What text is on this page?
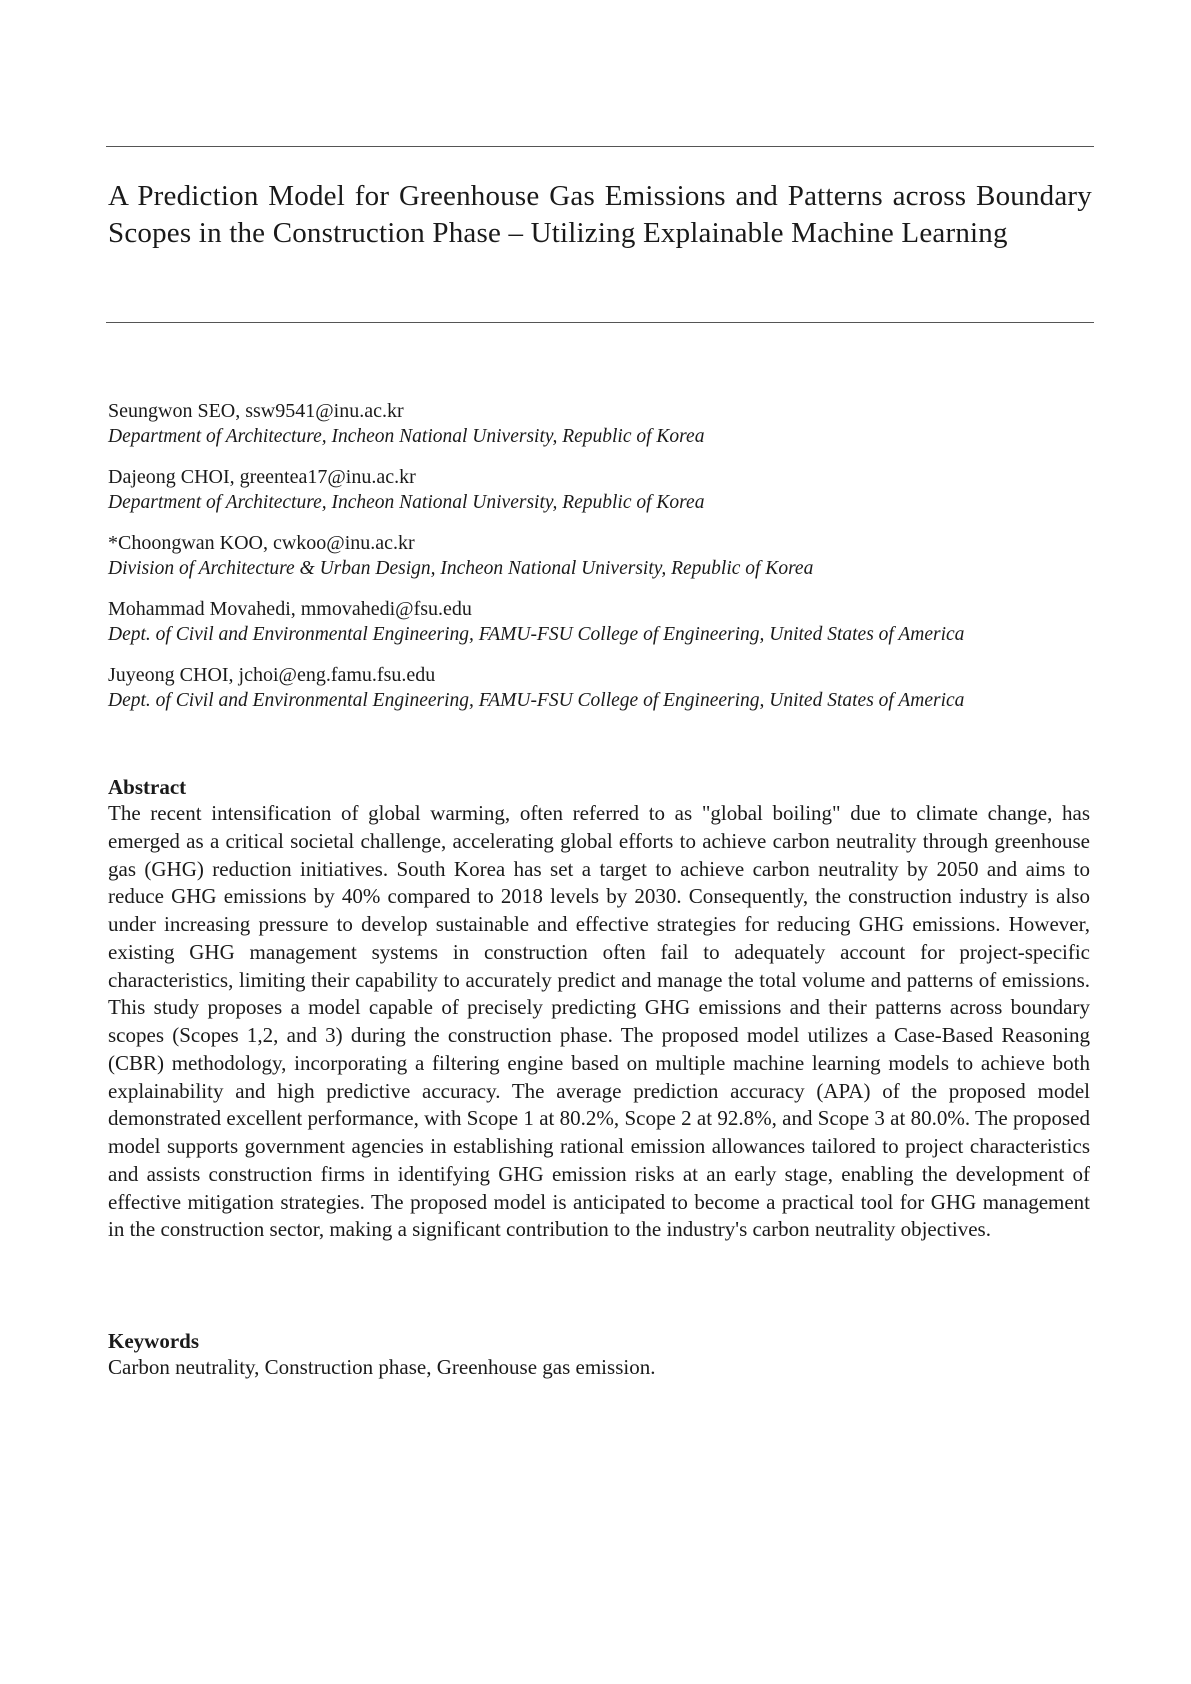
A Prediction Model for Greenhouse Gas Emissions and Patterns across Boundary Scopes in the Construction Phase – Utilizing Explainable Machine Learning
Seungwon SEO, ssw9541@inu.ac.kr
Department of Architecture, Incheon National University, Republic of Korea
Dajeong CHOI, greentea17@inu.ac.kr
Department of Architecture, Incheon National University, Republic of Korea
*Choongwan KOO, cwkoo@inu.ac.kr
Division of Architecture & Urban Design, Incheon National University, Republic of Korea
Mohammad Movahedi, mmovahedi@fsu.edu
Dept. of Civil and Environmental Engineering, FAMU-FSU College of Engineering, United States of America
Juyeong CHOI, jchoi@eng.famu.fsu.edu
Dept. of Civil and Environmental Engineering, FAMU-FSU College of Engineering, United States of America
Abstract

The recent intensification of global warming, often referred to as "global boiling" due to climate change, has emerged as a critical societal challenge, accelerating global efforts to achieve carbon neutrality through greenhouse gas (GHG) reduction initiatives. South Korea has set a target to achieve carbon neutrality by 2050 and aims to reduce GHG emissions by 40% compared to 2018 levels by 2030. Consequently, the construction industry is also under increasing pressure to develop sustainable and effective strategies for reducing GHG emissions. However, existing GHG management systems in construction often fail to adequately account for project-specific characteristics, limiting their capability to accurately predict and manage the total volume and patterns of emissions. This study proposes a model capable of precisely predicting GHG emissions and their patterns across boundary scopes (Scopes 1,2, and 3) during the construction phase. The proposed model utilizes a Case-Based Reasoning (CBR) methodology, incorporating a filtering engine based on multiple machine learning models to achieve both explainability and high predictive accuracy. The average prediction accuracy (APA) of the proposed model demonstrated excellent performance, with Scope 1 at 80.2%, Scope 2 at 92.8%, and Scope 3 at 80.0%. The proposed model supports government agencies in establishing rational emission allowances tailored to project characteristics and assists construction firms in identifying GHG emission risks at an early stage, enabling the development of effective mitigation strategies. The proposed model is anticipated to become a practical tool for GHG management in the construction sector, making a significant contribution to the industry's carbon neutrality objectives.

Keywords

Carbon neutrality, Construction phase, Greenhouse gas emission.
